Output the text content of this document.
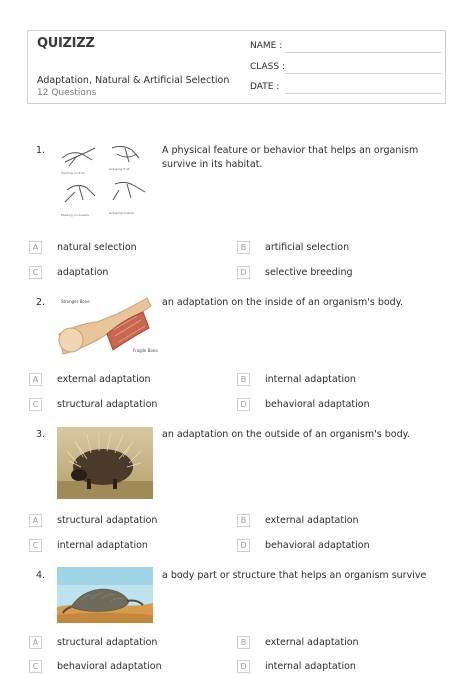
QUIZIZZ
Adaptation, Natural & Artificial Selection
12 Questions
NAME :
CLASS :
DATE :
1.
Feeding on fruit
Grasping fruit
Feeding on insects	Grasping insects
A physical feature or behavior that helps an organism survive in its habitat.
A	natural selection	B	artificial selection
C	adaptation	D	selective breeding
2.	Stronger Bone
Fragile Bone
an adaptation on the inside of an organism's body.
A	external adaptation	B	internal adaptation
C	structural adaptation	D	behavioral adaptation
3.	an adaptation on the outside of an organism's body.
A	structural adaptation	B	external adaptation
C	internal adaptation	D	behavioral adaptation
4.	a body part or structure that helps an organism survive
A	structural adaptation	B	external adaptation
C	behavioral adaptation	D	internal adaptation
